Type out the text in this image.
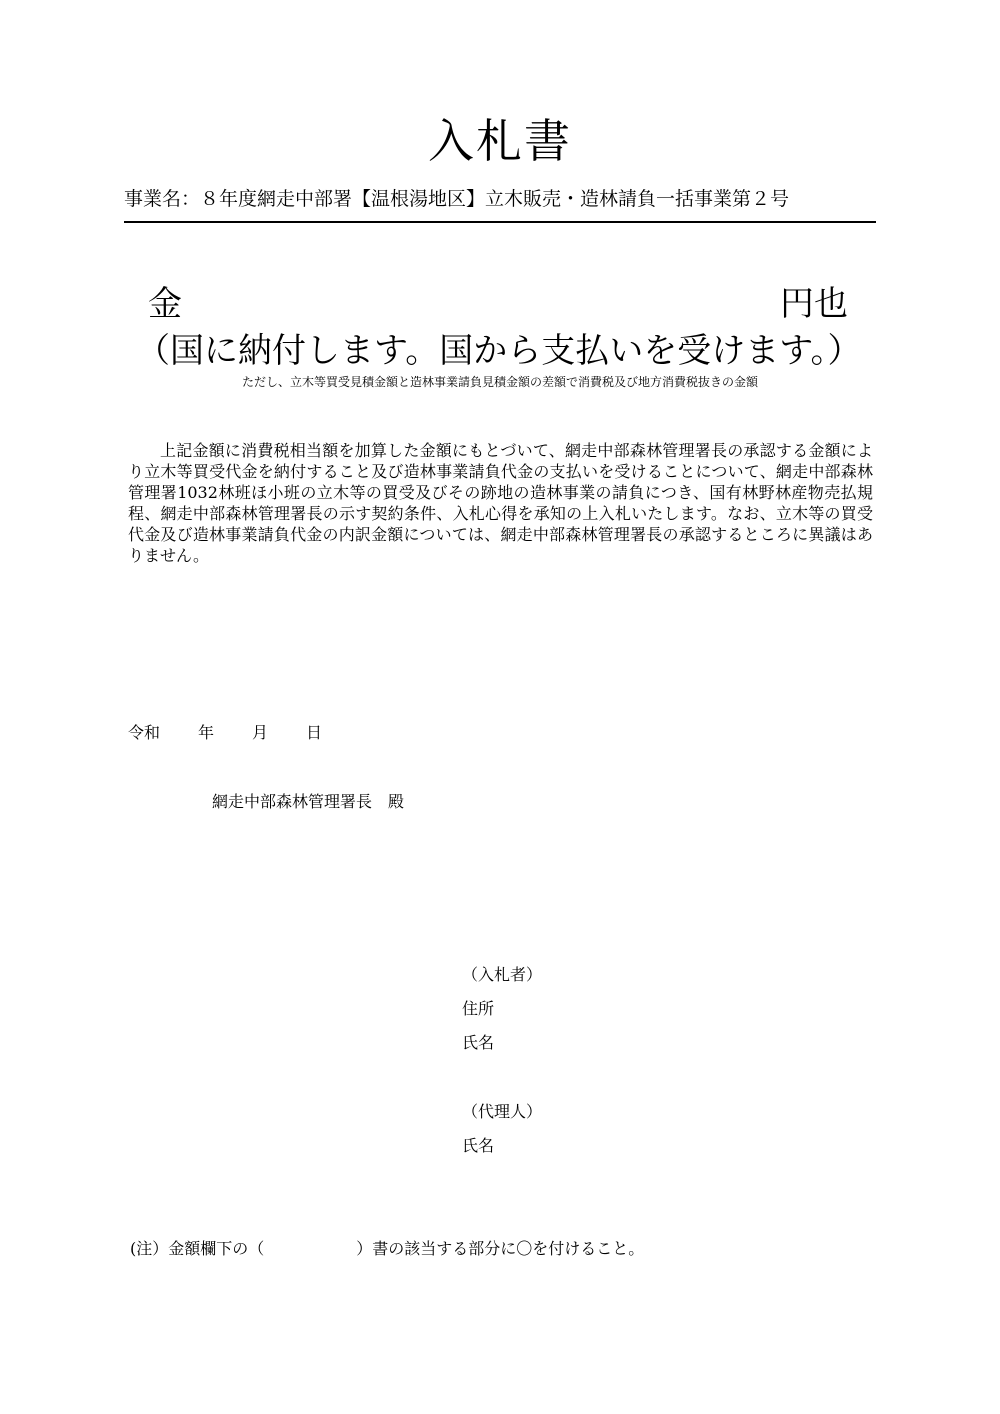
入札書
事業名：８年度網走中部署【温根湯地区】立木販売・造林請負一括事業第２号
金	円也
（国に納付します。国から支払いを受けます。）
ただし、立木等買受見積金額と造林事業請負見積金額の差額で消費税及び地方消費税抜きの金額
上記金額に消費税相当額を加算した金額にもとづいて、網走中部森林管理署長の承認する金額により立木等買受代金を納付すること及び造林事業請負代金の支払いを受けることについて、網走中部森林管理署1032林班ほ小班の立木等の買受及びその跡地の造林事業の請負につき、国有林野林産物売払規程、網走中部森林管理署長の示す契約条件、入札心得を承知の上入札いたします。なお、立木等の買受代金及び造林事業請負代金の内訳金額については、網走中部森林管理署長の承認するところに異議はありません。
令和 年 月 日
網走中部森林管理署長　殿
（入札者）
住所
氏名
（代理人）
氏名
(注）金額欄下の（	）書の該当する部分に〇を付けること。
